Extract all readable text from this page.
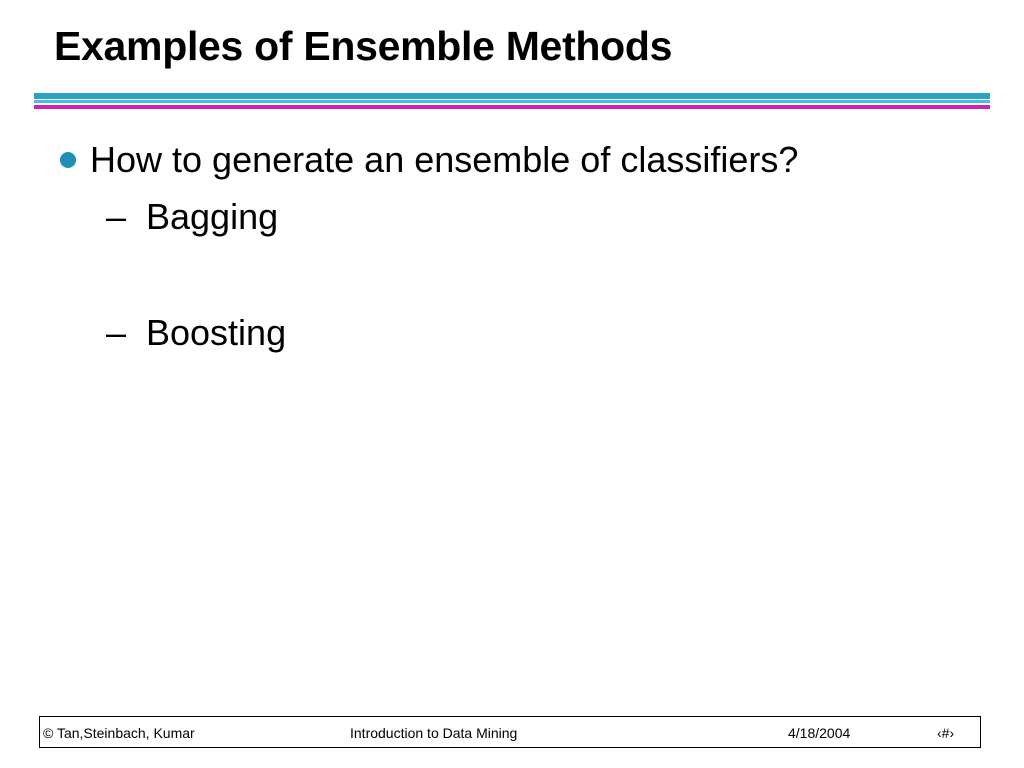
Examples of Ensemble Methods
How to generate an ensemble of classifiers?
– Bagging
– Boosting
© Tan,Steinbach, Kumar	Introduction to Data Mining	4/18/2004	‹#›
